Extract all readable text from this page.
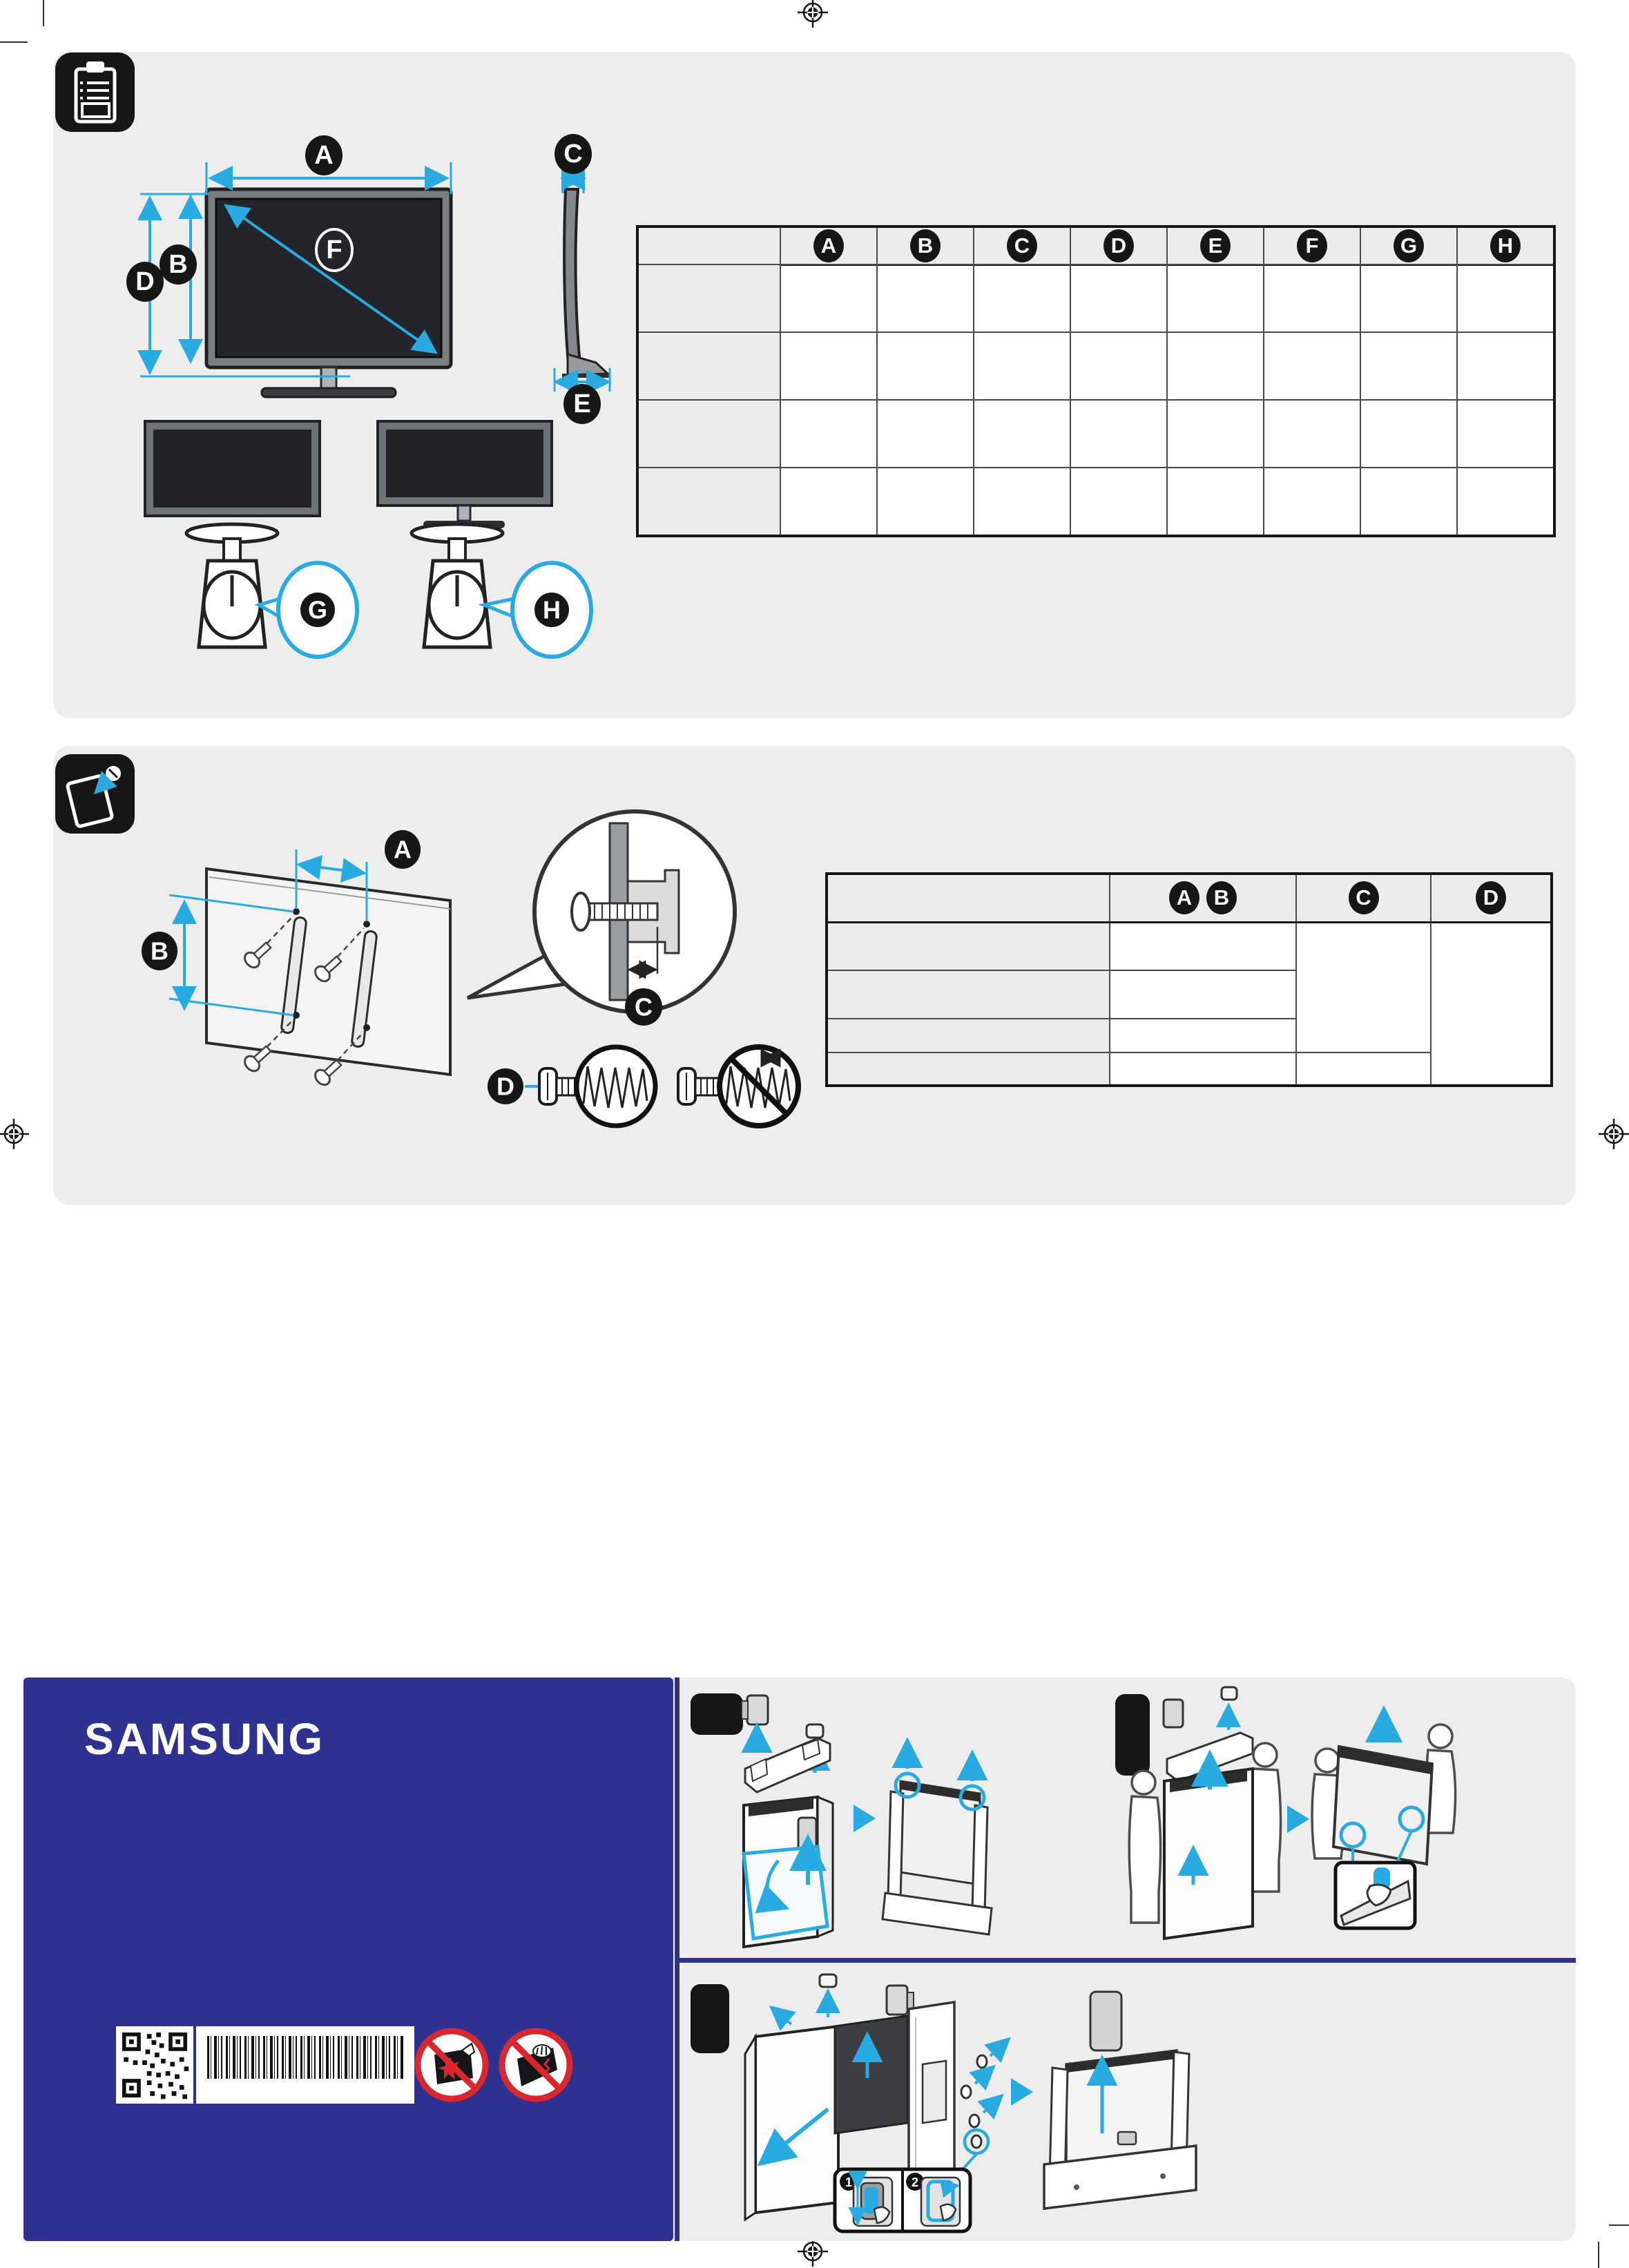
A
B
D
F
C
E
G	H
A	B	C	D	E	F	G	H
A
B
C
D

A B	C	D

SAMSUNG
1	2
